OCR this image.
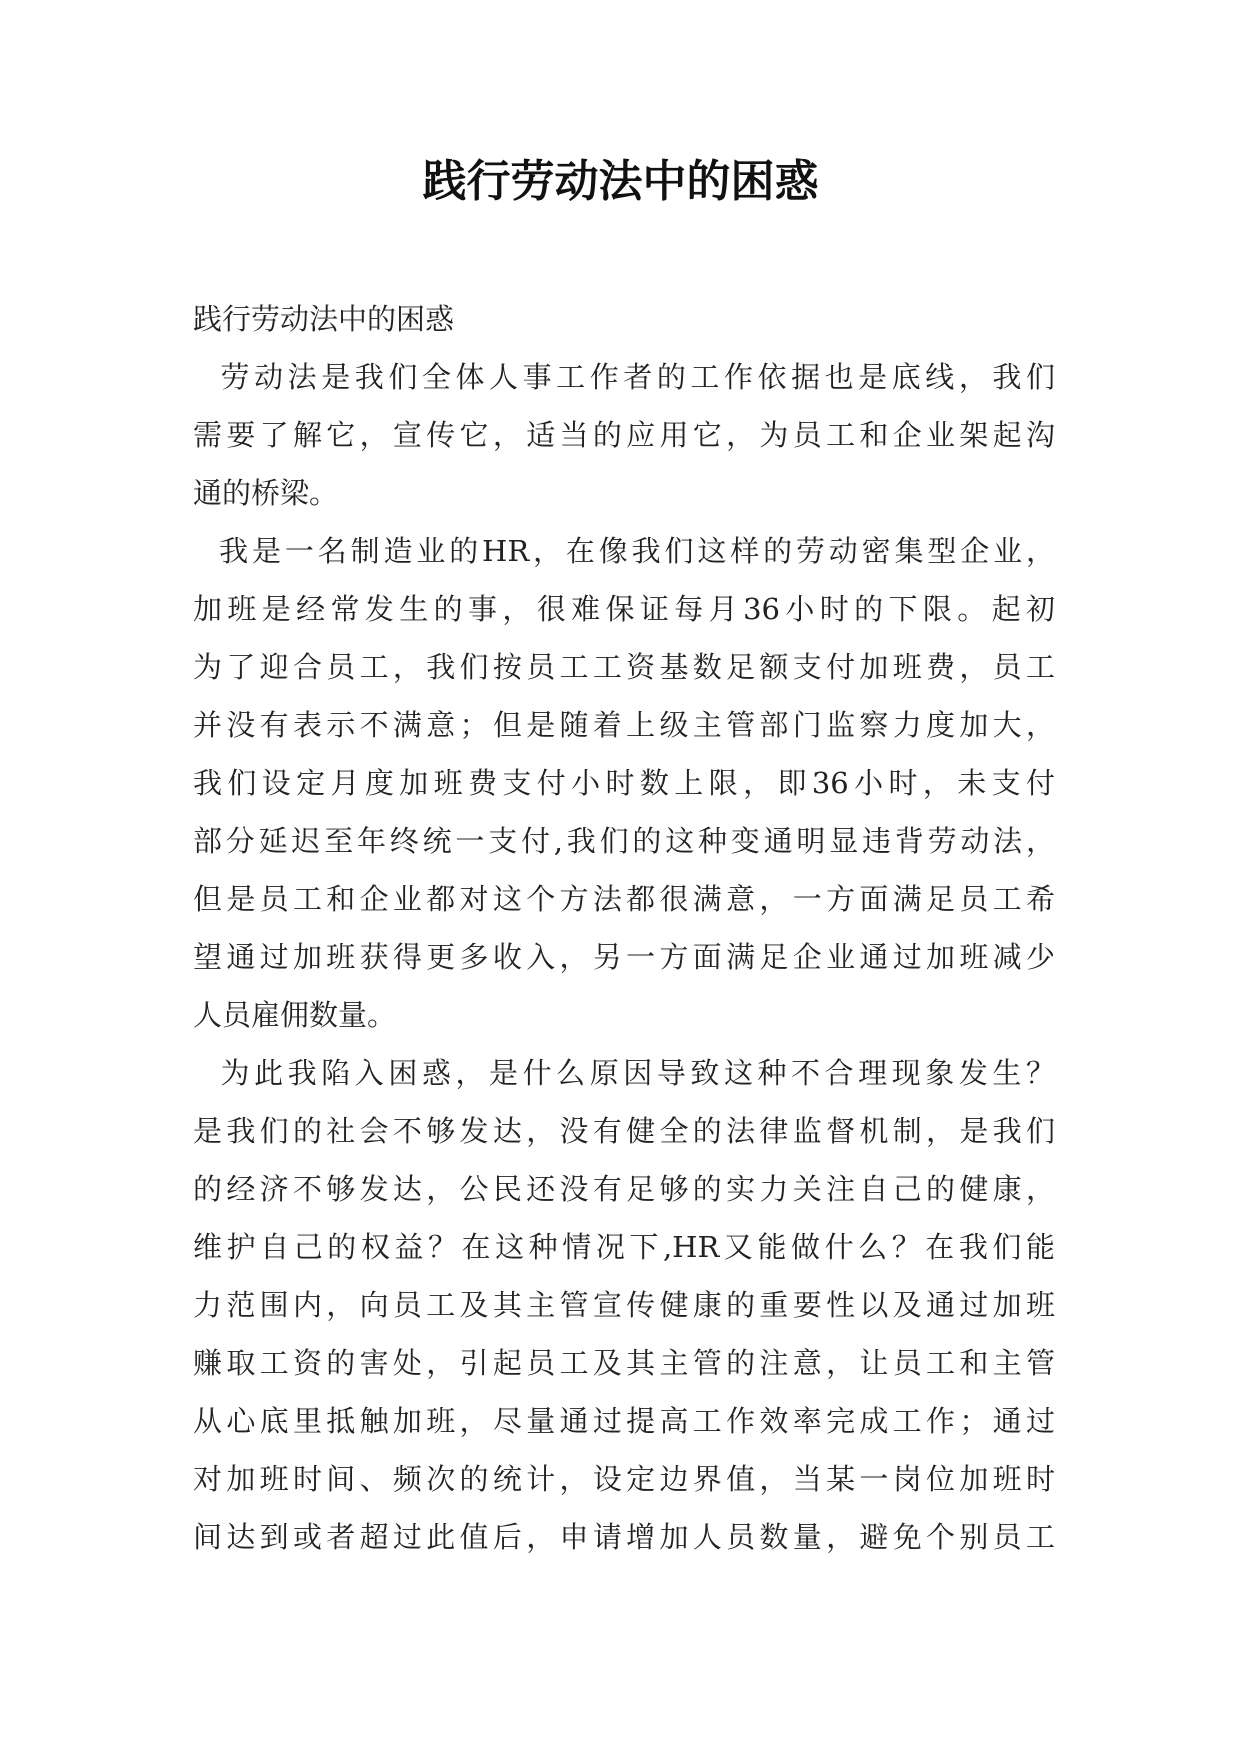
践行劳动法中的困惑
践行劳动法中的困惑
劳动法是我们全体人事工作者的工作依据也是底线，我们
需要了解它，宣传它，适当的应用它，为员工和企业架起沟
通的桥梁。
我是一名制造业的HR，在像我们这样的劳动密集型企业，
加班是经常发生的事，很难保证每月36小时的下限。起初
为了迎合员工，我们按员工工资基数足额支付加班费，员工
并没有表示不满意；但是随着上级主管部门监察力度加大，
我们设定月度加班费支付小时数上限，即36小时，未支付
部分延迟至年终统一支付,我们的这种变通明显违背劳动法，
但是员工和企业都对这个方法都很满意，一方面满足员工希
望通过加班获得更多收入，另一方面满足企业通过加班减少
人员雇佣数量。
为此我陷入困惑，是什么原因导致这种不合理现象发生？
是我们的社会不够发达，没有健全的法律监督机制，是我们
的经济不够发达，公民还没有足够的实力关注自己的健康，
维护自己的权益？在这种情况下,HR又能做什么？在我们能
力范围内，向员工及其主管宣传健康的重要性以及通过加班
赚取工资的害处，引起员工及其主管的注意，让员工和主管
从心底里抵触加班，尽量通过提高工作效率完成工作；通过
对加班时间、频次的统计，设定边界值，当某一岗位加班时
间达到或者超过此值后，申请增加人员数量，避免个别员工
